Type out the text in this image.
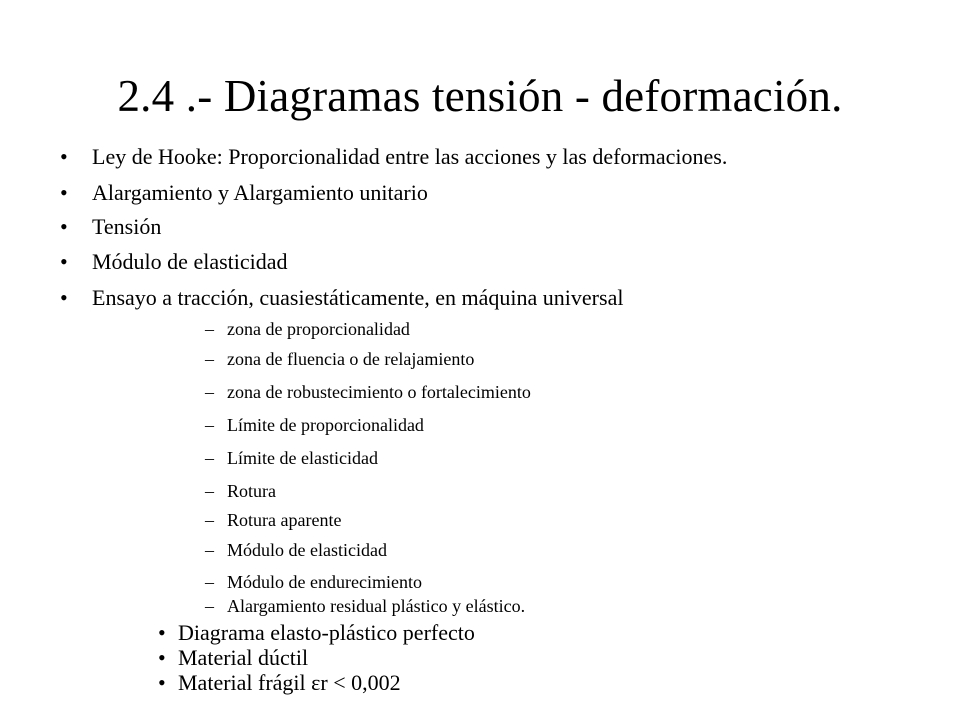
2.4 .- Diagramas tensión - deformación.
• Ley de Hooke: Proporcionalidad entre las acciones y las deformaciones.
• Alargamiento y Alargamiento unitario
• Tensión
• Módulo de elasticidad
• Ensayo a tracción, cuasiestáticamente, en máquina universal
– zona de proporcionalidad
– zona de fluencia o de relajamiento
– zona de robustecimiento o fortalecimiento
– Límite de proporcionalidad
– Límite de elasticidad
– Rotura
– Rotura aparente
– Módulo de elasticidad
– Módulo de endurecimiento
– Alargamiento residual plástico y elástico.
• Diagrama elasto-plástico perfecto
• Material dúctil
• Material frágil εr < 0,002
